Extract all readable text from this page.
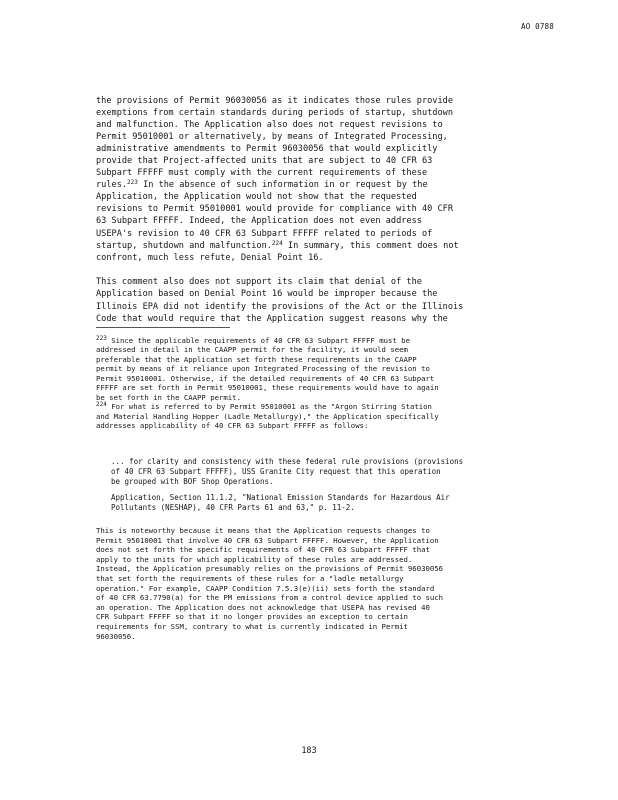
AO 0788

the provisions of Permit 96030056 as it indicates those rules provide

exemptions from certain standards during periods of startup, shutdown

and malfunction. The Application also does not request revisions to

Permit 95010001 or alternatively, by means of Integrated Processing,

administrative amendments to Permit 96030056 that would explicitly

provide that Project-affected units that are subject to 40 CFR 63

Subpart FFFFF must comply with the current requirements of these

rules.$^{223}$ In the absence of such information in or request by the

Application, the Application would not show that the requested

revisions to Permit 95010001 would provide for compliance with 40 CFR

63 Subpart FFFFF. Indeed, the Application does not even address

USEPA's revision to 40 CFR 63 Subpart FFFFF related to periods of

startup, shutdown and malfunction.$^{224}$ In summary, this comment does not

confront, much less refute, Denial Point 16.

This comment also does not support its claim that denial of the

Application based on Denial Point 16 would be improper because the

Illinois EPA did not identify the provisions of the Act or the Illinois

Code that would require that the Application suggest reasons why the

$^{223}$ Since the applicable requirements of 40 CFR 63 Subpart FFFFF must be

addressed in detail in the CAAPP permit for the facility, it would seem

preferable that the Application set forth these requirements in the CAAPP

permit by means of it reliance upon Integrated Processing of the revision to

Permit 95010001. Otherwise, if the detailed requirements of 40 CFR 63 Subpart

FFFFF are set forth in Permit 95010001, these requirements would have to again

be set forth in the CAAPP permit.

$^{224}$ For what is referred to by Permit 95010001 as the "Argon Stirring Station

and Material Handling Hopper (Ladle Metallurgy)," the Application specifically

addresses applicability of 40 CFR 63 Subpart FFFFF as follows:

... for clarity and consistency with these federal rule provisions (provisions

of 40 CFR 63 Subpart FFFFF), USS Granite City request that this operation

be grouped with BOF Shop Operations.

Application, Section 11.1.2, "National Emission Standards for Hazardous Air

Pollutants (NESHAP), 40 CFR Parts 61 and 63," p. 11-2.

This is noteworthy because it means that the Application requests changes to

Permit 95010001 that involve 40 CFR 63 Subpart FFFFF. However, the Application

does not set forth the specific requirements of 40 CFR 63 Subpart FFFFF that

apply to the units for which applicability of these rules are addressed.

Instead, the Application presumably relies on the provisions of Permit 96030056

that set forth the requirements of these rules for a "ladle metallurgy

operation." For example, CAAPP Condition 7.5.3(e)(ii) sets forth the standard

of 40 CFR 63.7790(a) for the PM emissions from a control device applied to such

an operation. The Application does not acknowledge that USEPA has revised 40

CFR Subpart FFFFF so that it no longer provides an exception to certain

requirements for SSM, contrary to what is currently indicated in Permit

96030056.

183
